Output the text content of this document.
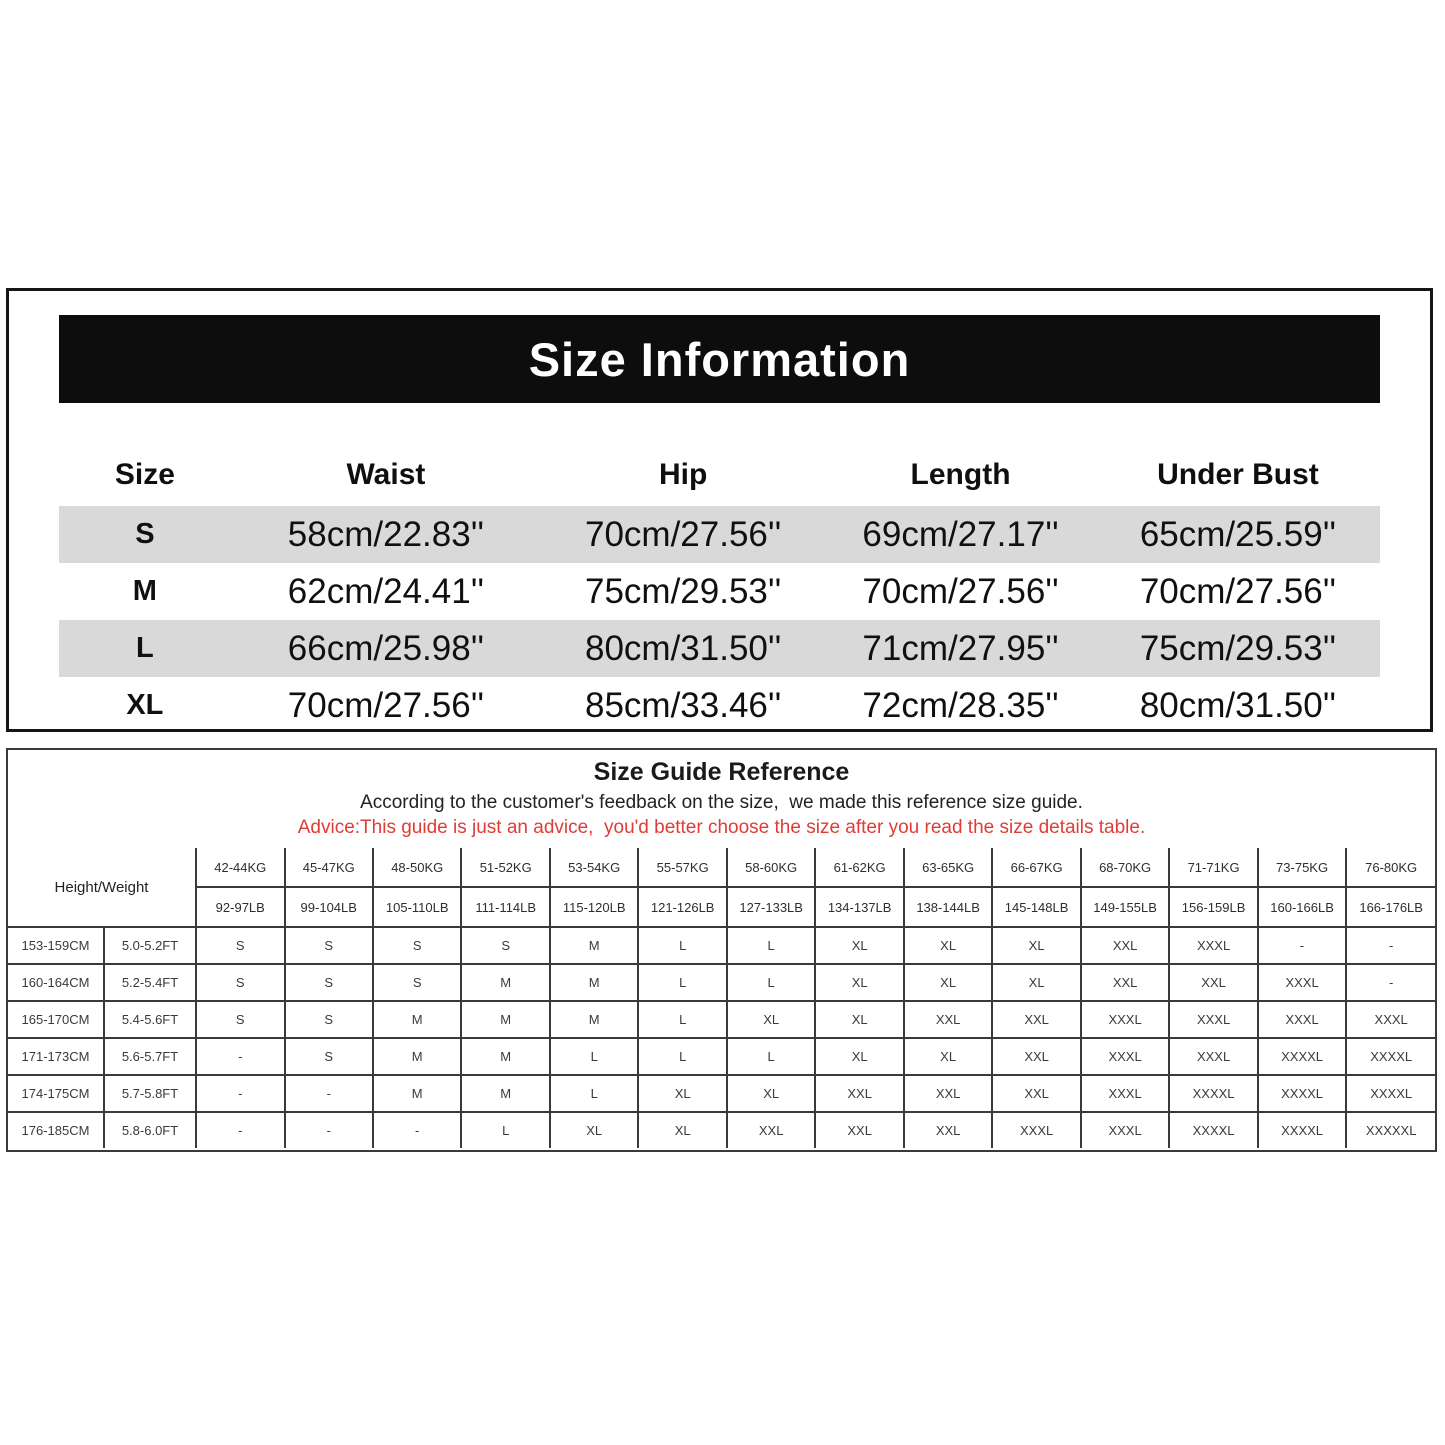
Size Information
Size	Waist	Hip	Length	Under Bust
S	58cm/22.83''	70cm/27.56''	69cm/27.17''	65cm/25.59''
M	62cm/24.41''	75cm/29.53''	70cm/27.56''	70cm/27.56''
L	66cm/25.98''	80cm/31.50''	71cm/27.95''	75cm/29.53''
XL	70cm/27.56''	85cm/33.46''	72cm/28.35''	80cm/31.50''
Size Guide Reference
According to the customer's feedback on the size,  we made this reference size guide.
Advice:This guide is just an advice,  you'd better choose the size after you read the size details table.
Height/Weight		42-44KG	45-47KG	48-50KG	51-52KG	53-54KG	55-57KG	58-60KG	61-62KG	63-65KG	66-67KG	68-70KG	71-71KG	73-75KG	76-80KG
		92-97LB	99-104LB	105-110LB	111-114LB	115-120LB	121-126LB	127-133LB	134-137LB	138-144LB	145-148LB	149-155LB	156-159LB	160-166LB	166-176LB
153-159CM	5.0-5.2FT	S	S	S	S	M	L	L	XL	XL	XL	XXL	XXXL	-	-
160-164CM	5.2-5.4FT	S	S	S	M	M	L	L	XL	XL	XL	XXL	XXL	XXXL	-
165-170CM	5.4-5.6FT	S	S	M	M	M	L	XL	XL	XXL	XXL	XXXL	XXXL	XXXL	XXXL
171-173CM	5.6-5.7FT	-	S	M	M	L	L	L	XL	XL	XXL	XXXL	XXXL	XXXXL	XXXXL
174-175CM	5.7-5.8FT	-	-	M	M	L	XL	XL	XXL	XXL	XXL	XXXL	XXXXL	XXXXL	XXXXL
176-185CM	5.8-6.0FT	-	-	-	L	XL	XL	XXL	XXL	XXL	XXXL	XXXL	XXXXL	XXXXL	XXXXXL
